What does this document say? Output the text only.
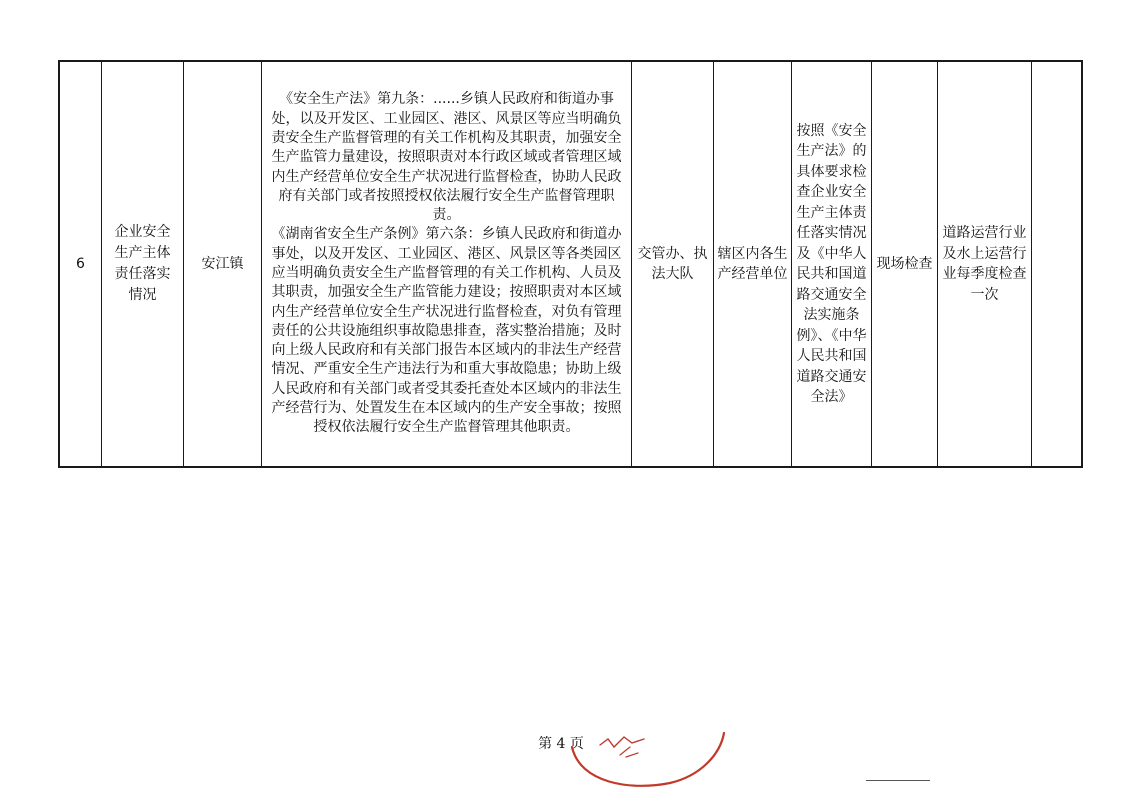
6
企业安全生产主体责任落实情况
安江镇
《安全生产法》第九条：......乡镇人民政府和街道办事处，以及开发区、工业园区、港区、风景区等应当明确负责安全生产监督管理的有关工作机构及其职责，加强安全生产监管力量建设，按照职责对本行政区域或者管理区域内生产经营单位安全生产状况进行监督检查，协助人民政府有关部门或者按照授权依法履行安全生产监督管理职责。
《湖南省安全生产条例》第六条：乡镇人民政府和街道办事处，以及开发区、工业园区、港区、风景区等各类园区应当明确负责安全生产监督管理的有关工作机构、人员及其职责，加强安全生产监管能力建设；按照职责对本区域内生产经营单位安全生产状况进行监督检查，对负有管理责任的公共设施组织事故隐患排查，落实整治措施；及时向上级人民政府和有关部门报告本区域内的非法生产经营情况、严重安全生产违法行为和重大事故隐患；协助上级人民政府和有关部门或者受其委托查处本区域内的非法生产经营行为、处置发生在本区域内的生产安全事故；按照授权依法履行安全生产监督管理其他职责。
交管办、执法大队
辖区内各生产经营单位
按照《安全生产法》的具体要求检查企业安全生产主体责任落实情况及《中华人民共和国道路交通安全法实施条例》、《中华人民共和国道路交通安全法》
现场检查
道路运营行业及水上运营行业每季度检查一次
第 4 页
